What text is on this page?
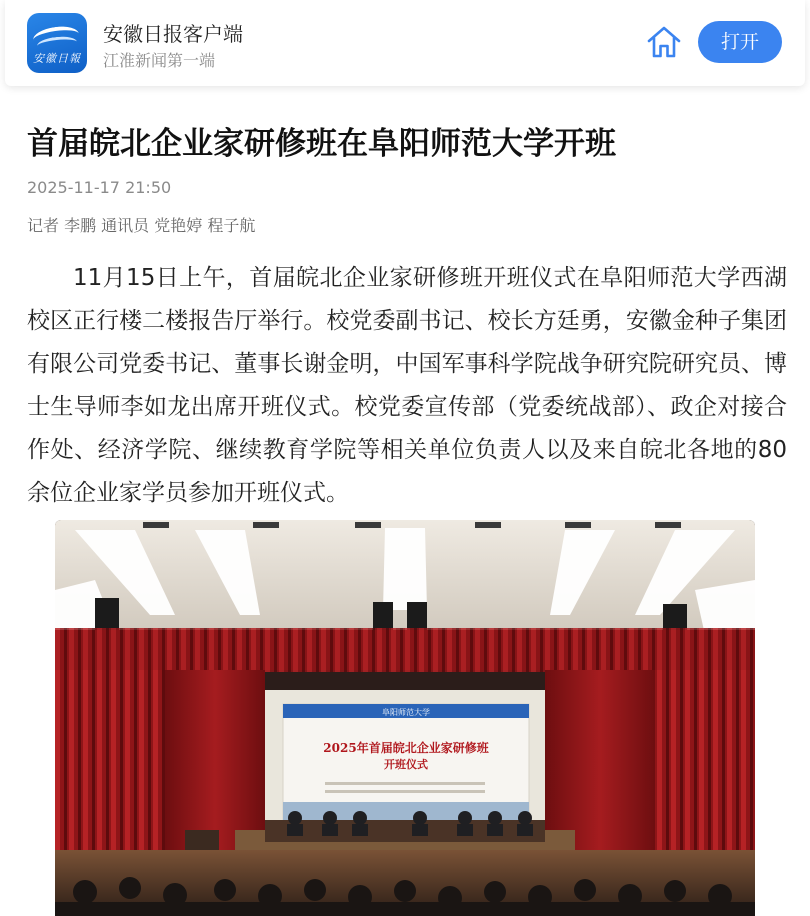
安徽日報
安徽日报客户端
江淮新闻第一端
打开
首届皖北企业家研修班在阜阳师范大学开班
2025-11-17 21:50
记者 李鹏 通讯员 党艳婷 程子航

11月15日上午，首届皖北企业家研修班开班仪式在阜阳师范大学西湖校区正行楼二楼报告厅举行。校党委副书记、校长方廷勇，安徽金种子集团有限公司党委书记、董事长谢金明，中国军事科学院战争研究院研究员、博士生导师李如龙出席开班仪式。校党委宣传部（党委统战部）、政企对接合作处、经济学院、继续教育学院等相关单位负责人以及来自皖北各地的80余位企业家学员参加开班仪式。

阜阳师范大学
2025年首届皖北企业家研修班
开班仪式
